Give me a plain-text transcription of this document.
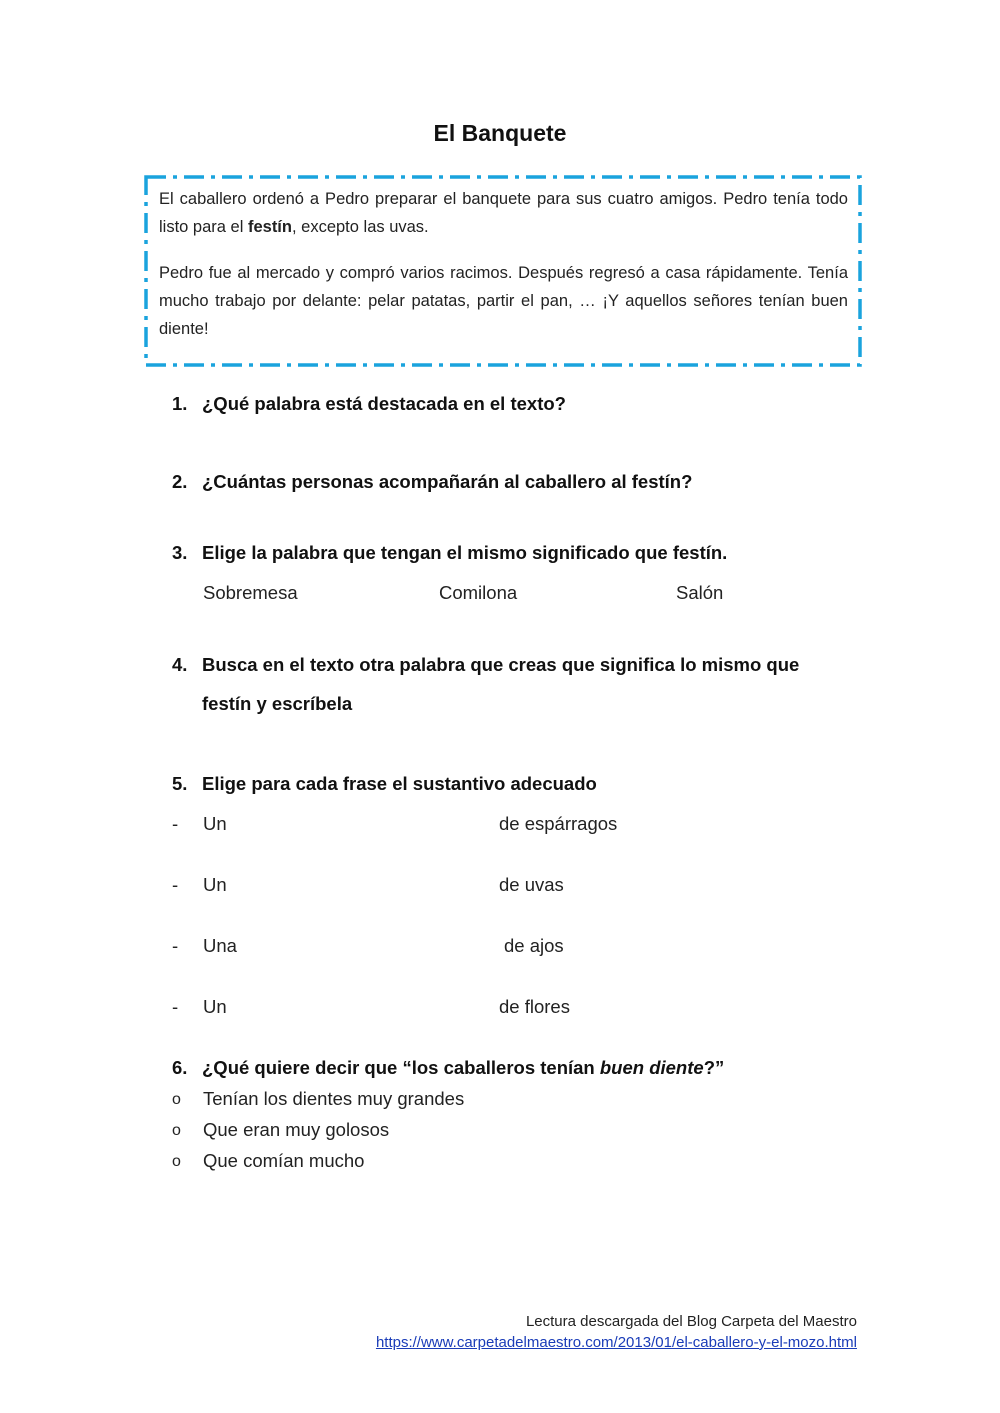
El Banquete

El caballero ordenó a Pedro preparar el banquete para sus cuatro amigos. Pedro tenía todo listo para el festín, excepto las uvas.

Pedro fue al mercado y compró varios racimos. Después regresó a casa rápidamente. Tenía mucho trabajo por delante: pelar patatas, partir el pan, … ¡Y aquellos señores tenían buen diente!

1. ¿Qué palabra está destacada en el texto?
2. ¿Cuántas personas acompañarán al caballero al festín?
3. Elige la palabra que tengan el mismo significado que festín.
Sobremesa	Comilona	Salón
4. Busca en el texto otra palabra que creas que significa lo mismo que
festín y escríbela
5. Elige para cada frase el sustantivo adecuado
- Un	de espárragos
- Un	de uvas
- Una	de ajos
- Un	de flores
6. ¿Qué quiere decir que “los caballeros tenían buen diente?”
o Tenían los dientes muy grandes
o Que eran muy golosos
o Que comían mucho
Lectura descargada del Blog Carpeta del Maestro
https://www.carpetadelmaestro.com/2013/01/el-caballero-y-el-mozo.html
